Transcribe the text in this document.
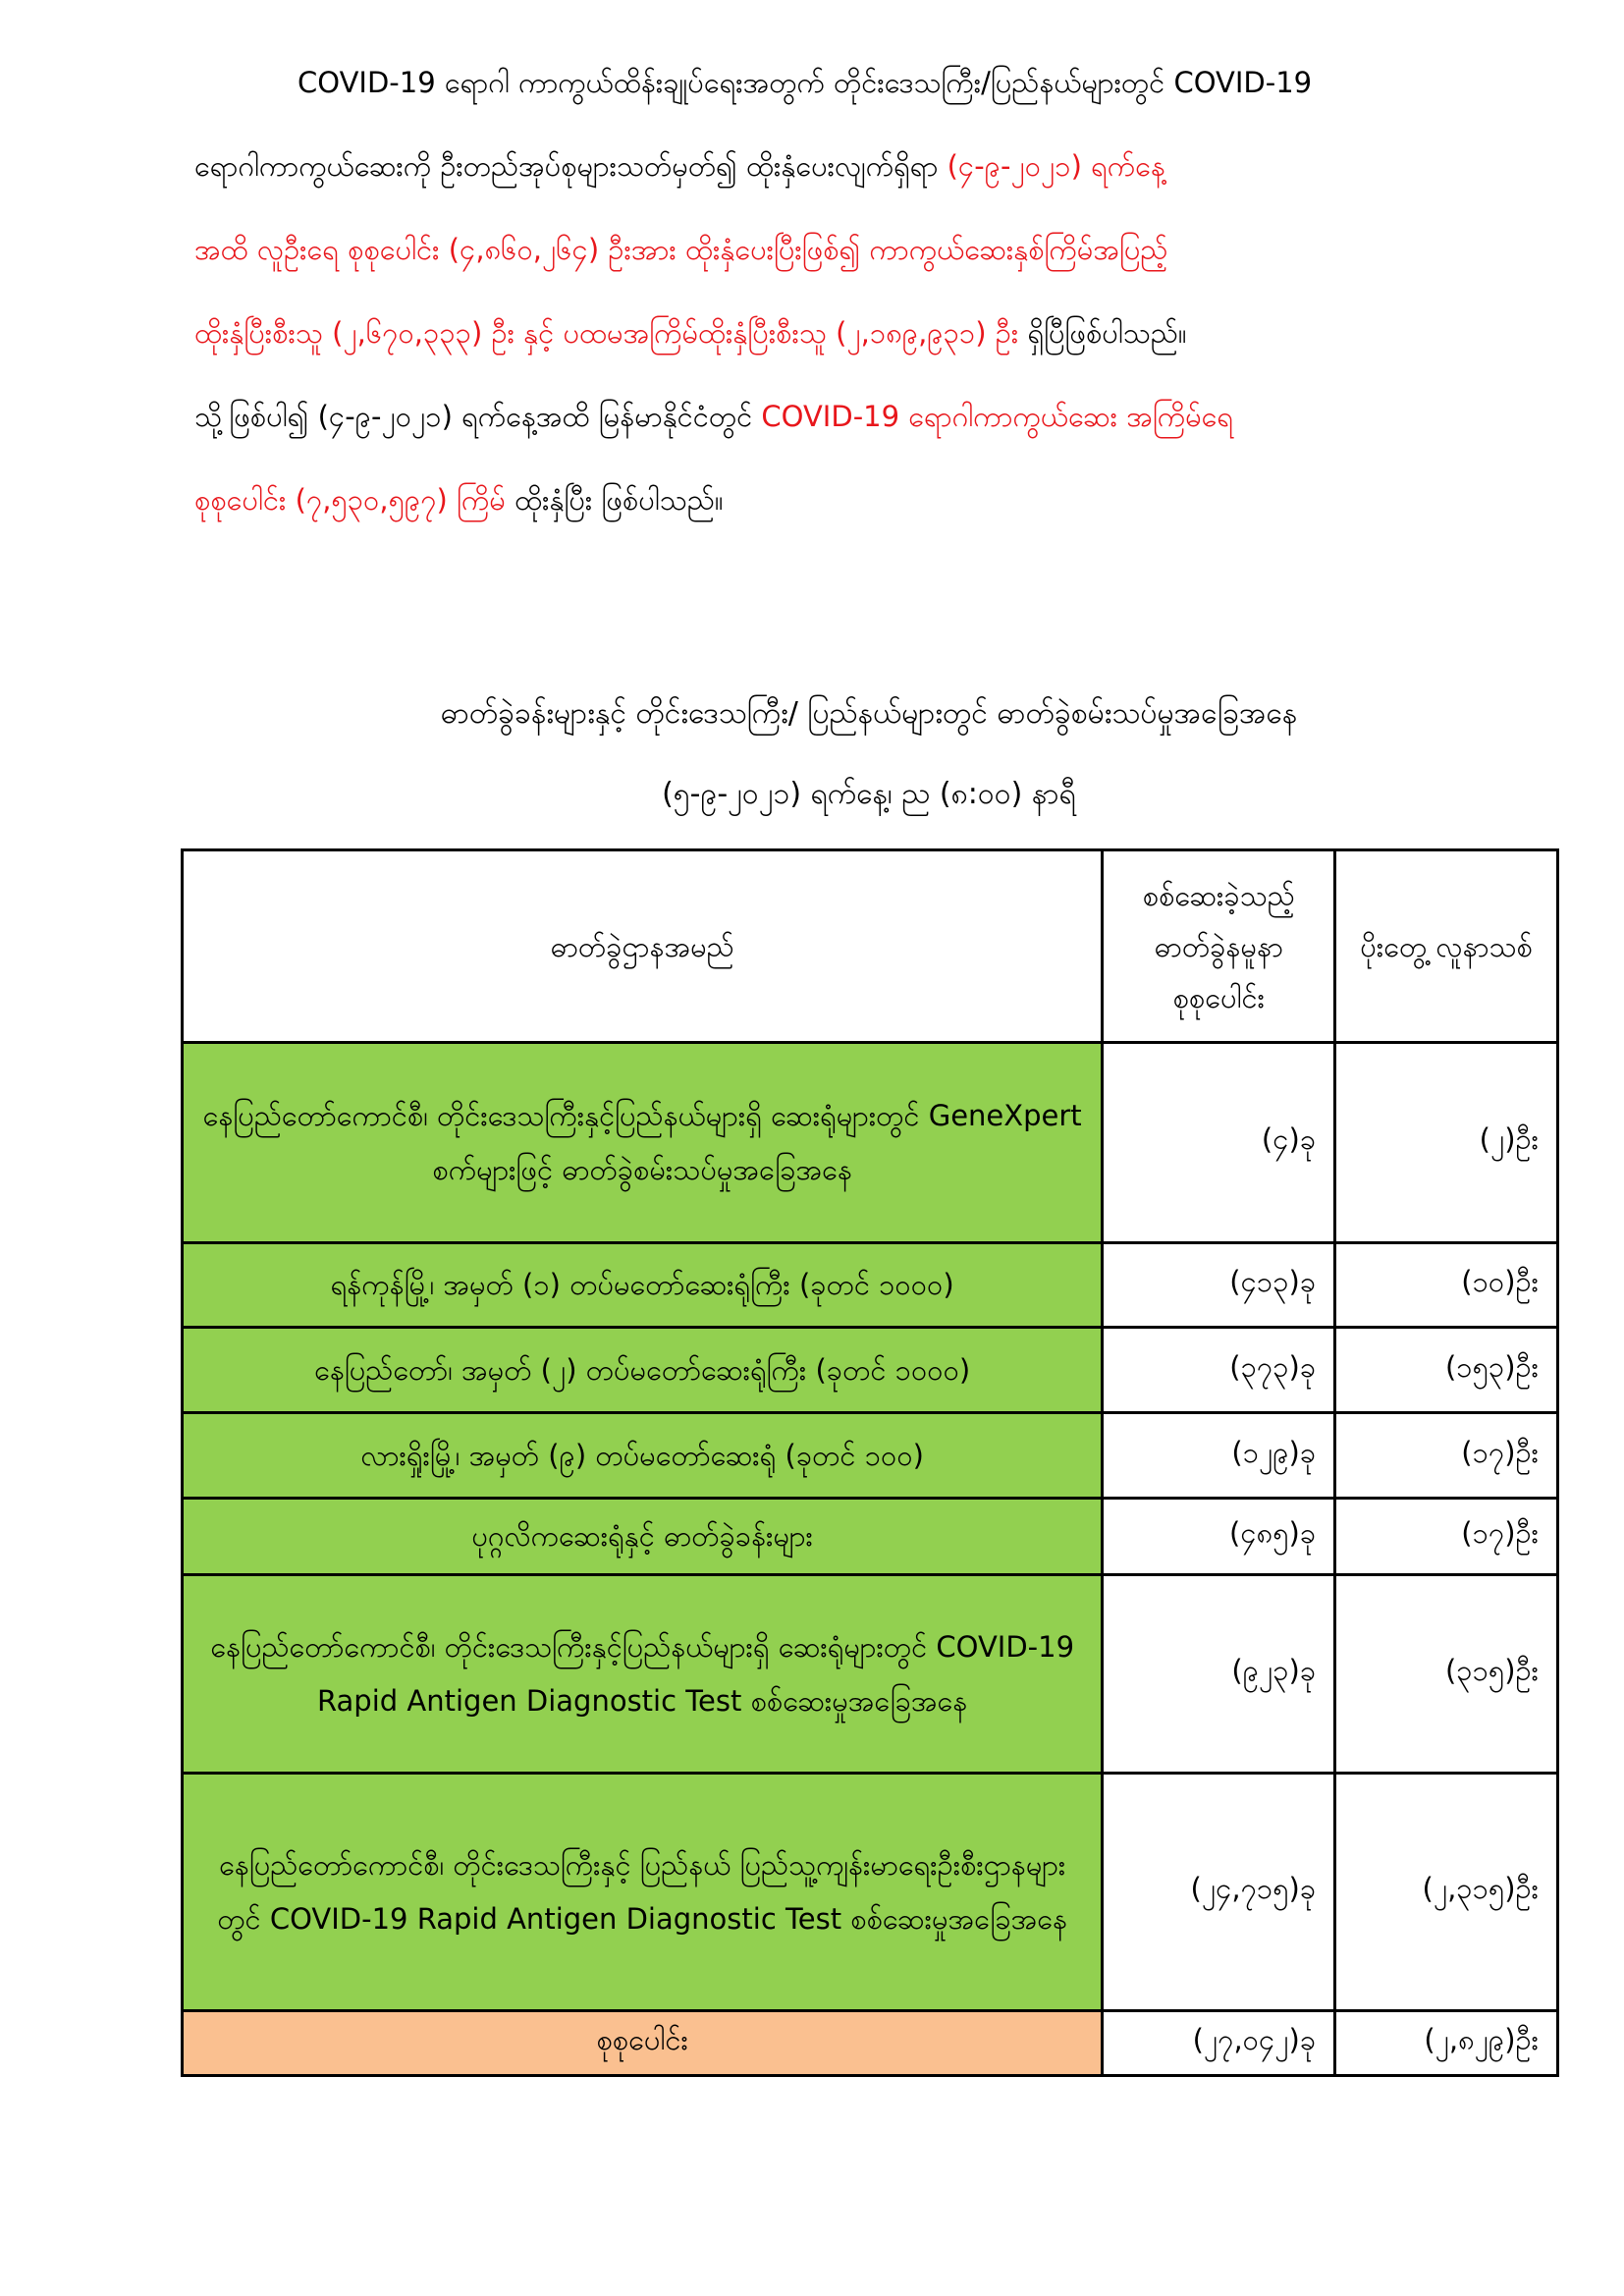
COVID-19 ရောဂါ ကာကွယ်ထိန်းချုပ်ရေးအတွက် တိုင်းဒေသကြီး/ပြည်နယ်များတွင် COVID-19
ရောဂါကာကွယ်ဆေးကို ဦးတည်အုပ်စုများသတ်မှတ်၍ ထိုးနှံပေးလျက်ရှိရာ (၄-၉-၂၀၂၁) ရက်နေ့
အထိ လူဦးရေ စုစုပေါင်း (၄,၈၆၀,၂၆၄) ဦးအား ထိုးနှံပေးပြီးဖြစ်၍ ကာကွယ်ဆေးနှစ်ကြိမ်အပြည့်
ထိုးနှံပြီးစီးသူ (၂,၆၇၀,၃၃၃) ဦး နှင့် ပထမအကြိမ်ထိုးနှံပြီးစီးသူ (၂,၁၈၉,၉၃၁) ဦး ရှိပြီဖြစ်ပါသည်။
သို့ဖြစ်ပါ၍ (၄-၉-၂၀၂၁) ရက်နေ့အထိ မြန်မာနိုင်ငံတွင် COVID-19 ရောဂါကာကွယ်ဆေး အကြိမ်ရေ
စုစုပေါင်း (၇,၅၃၀,၅၉၇) ကြိမ် ထိုးနှံပြီး ဖြစ်ပါသည်။
ဓာတ်ခွဲခန်းများနှင့် တိုင်းဒေသကြီး/ ပြည်နယ်များတွင် ဓာတ်ခွဲစမ်းသပ်မှုအခြေအနေ
(၅-၉-၂၀၂၁) ရက်နေ့၊ ည (၈:၀၀) နာရီ
ဓာတ်ခွဲဌာနအမည်	စစ်ဆေးခဲ့သည့် ဓာတ်ခွဲနမူနာ စုစုပေါင်း	ပိုးတွေ့ လူနာသစ်
နေပြည်တော်ကောင်စီ၊ တိုင်းဒေသကြီးနှင့်ပြည်နယ်များရှိ ဆေးရုံများတွင် GeneXpert စက်များဖြင့် ဓာတ်ခွဲစမ်းသပ်မှုအခြေအနေ	(၄)ခု	(၂)ဦး
ရန်ကုန်မြို့၊ အမှတ် (၁) တပ်မတော်ဆေးရုံကြီး (ခုတင် ၁၀၀၀)	(၄၁၃)ခု	(၁၀)ဦး
နေပြည်တော်၊ အမှတ် (၂) တပ်မတော်ဆေးရုံကြီး (ခုတင် ၁၀၀၀)	(၃၇၃)ခု	(၁၅၃)ဦး
လားရှိုးမြို့၊ အမှတ် (၉) တပ်မတော်ဆေးရုံ (ခုတင် ၁၀၀)	(၁၂၉)ခု	(၁၇)ဦး
ပုဂ္ဂလိကဆေးရုံနှင့် ဓာတ်ခွဲခန်းများ	(၄၈၅)ခု	(၁၇)ဦး
နေပြည်တော်ကောင်စီ၊ တိုင်းဒေသကြီးနှင့်ပြည်နယ်များရှိ ဆေးရုံများတွင် COVID-19 Rapid Antigen Diagnostic Test စစ်ဆေးမှုအခြေအနေ	(၉၂၃)ခု	(၃၁၅)ဦး
နေပြည်တော်ကောင်စီ၊ တိုင်းဒေသကြီးနှင့် ပြည်နယ် ပြည်သူ့ကျန်းမာရေးဦးစီးဌာနများတွင် COVID-19 Rapid Antigen Diagnostic Test စစ်ဆေးမှုအခြေအနေ	(၂၄,၇၁၅)ခု	(၂,၃၁၅)ဦး
စုစုပေါင်း	(၂၇,၀၄၂)ခု	(၂,၈၂၉)ဦး
